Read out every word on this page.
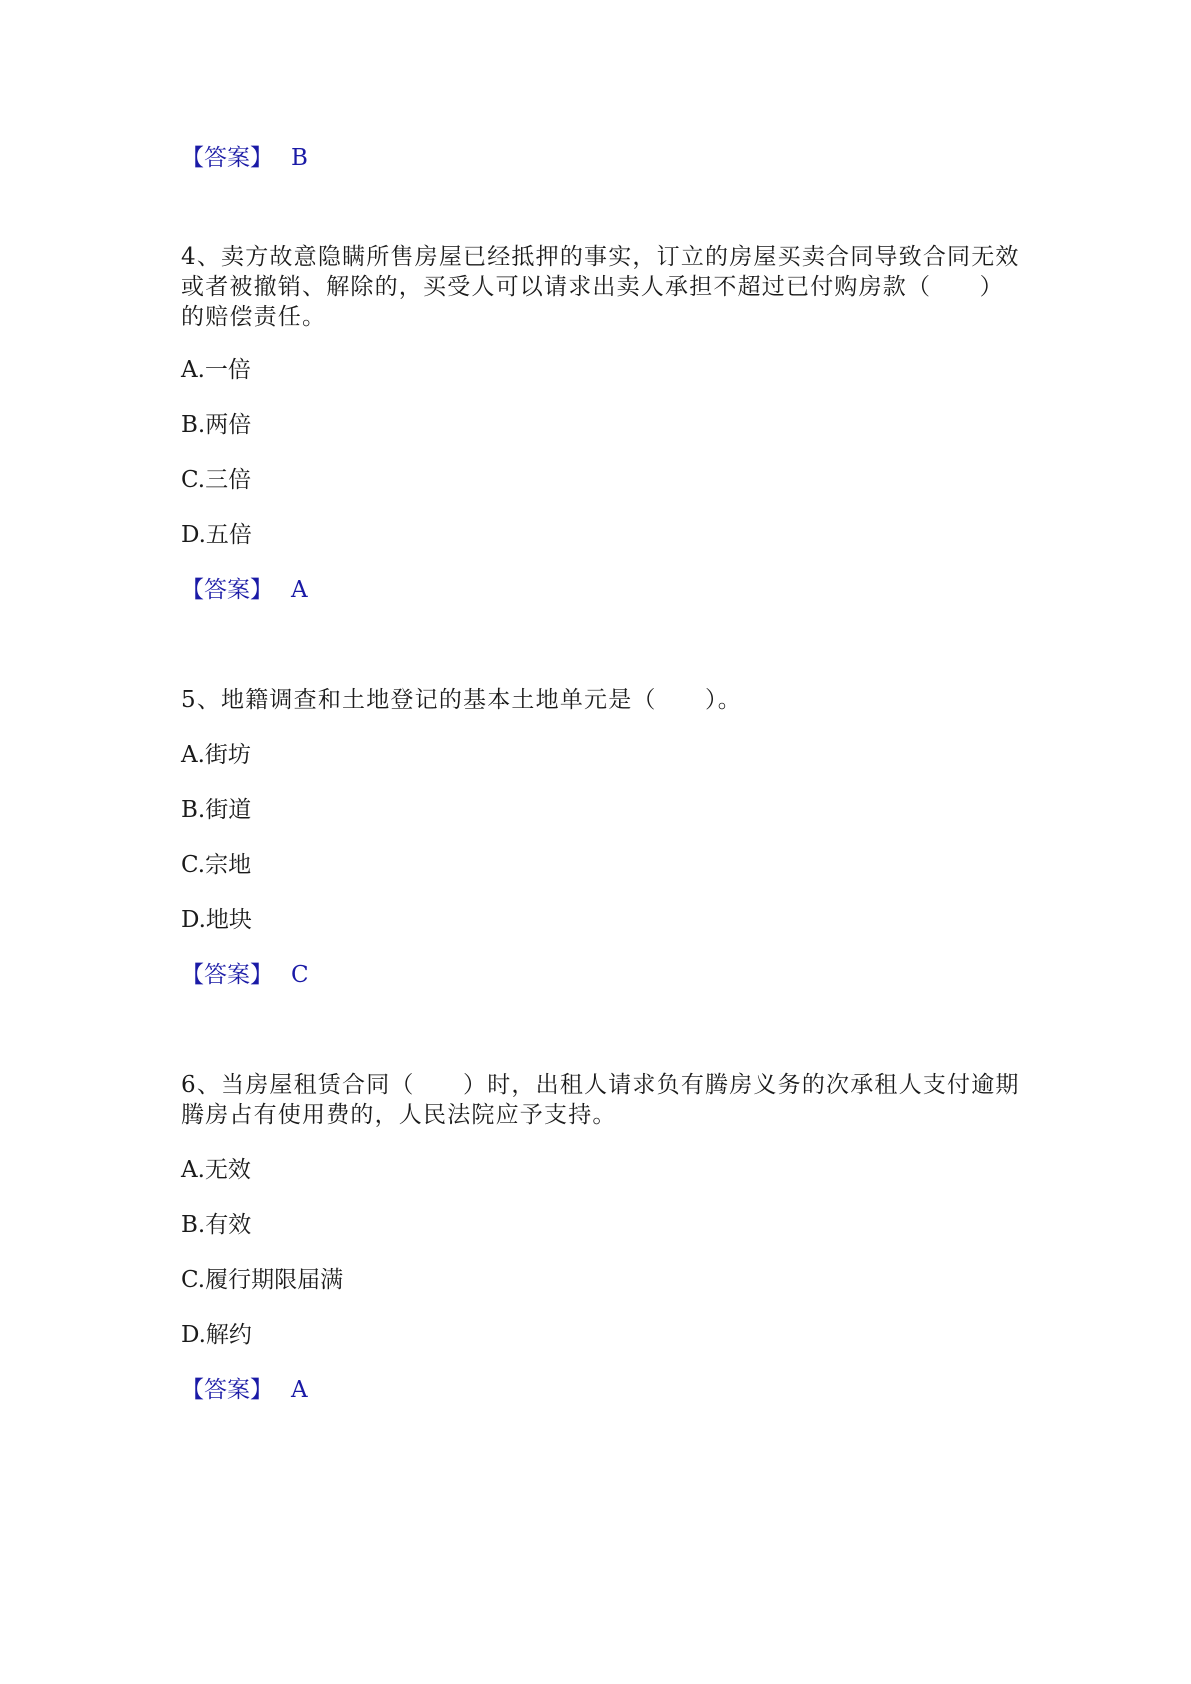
【答案】 B
4、卖方故意隐瞒所售房屋已经抵押的事实，订立的房屋买卖合同导致合同无效
或者被撤销、解除的，买受人可以请求出卖人承担不超过已付购房款（　　）
的赔偿责任。
A.一倍
B.两倍
C.三倍
D.五倍
【答案】 A
5、地籍调查和土地登记的基本土地单元是（　　）。
A.街坊
B.街道
C.宗地
D.地块
【答案】 C
6、当房屋租赁合同（　　）时，出租人请求负有腾房义务的次承租人支付逾期
腾房占有使用费的，人民法院应予支持。
A.无效
B.有效
C.履行期限届满
D.解约
【答案】 A
